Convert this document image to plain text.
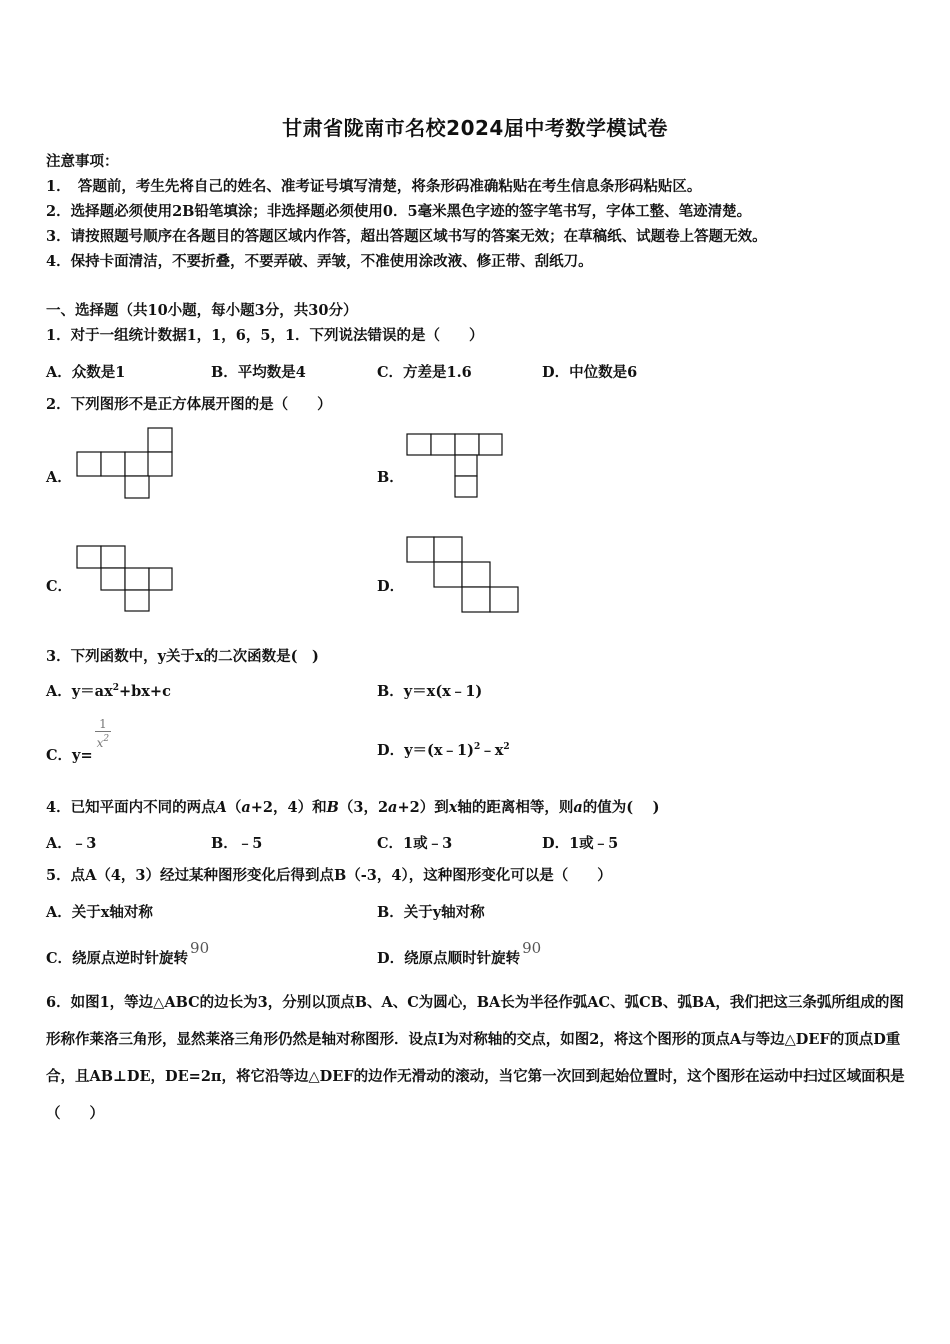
甘肃省陇南市名校2024届中考数学模试卷
注意事项：
1．　答题前，考生先将自己的姓名、准考证号填写清楚，将条形码准确粘贴在考生信息条形码粘贴区。
2．选择题必须使用2B铅笔填涂；非选择题必须使用0．5毫米黑色字迹的签字笔书写，字体工整、笔迹清楚。
3．请按照题号顺序在各题目的答题区域内作答，超出答题区域书写的答案无效；在草稿纸、试题卷上答题无效。
4．保持卡面清洁，不要折叠，不要弄破、弄皱，不准使用涂改液、修正带、刮纸刀。
一、选择题（共10小题，每小题3分，共30分）
1．对于一组统计数据1，1，6，5，1．下列说法错误的是（　　）
A．众数是1	B．平均数是4	C．方差是1.6	D．中位数是6
2．下列图形不是正方体展开图的是（　　）
A．	B．
C．	D．
3．下列函数中，y关于x的二次函数是(　)
A．$y=ax^2+bx+c$	B．y＝x(x﹣1)
C．y=
$\frac{1}{x^2}$
D．$y=(x﹣1)^2﹣x^2$
4．已知平面内不同的两点A（a+2，4）和B（3，2a+2）到x轴的距离相等，则a的值为(　 )
A．﹣3	B．﹣5	C．1或﹣3	D．1或﹣5
5．点A（4，3）经过某种图形变化后得到点B（-3，4），这种图形变化可以是（　　）
A．关于x轴对称	B．关于y轴对称
C．绕原点逆时针旋转90
D．绕原点顺时针旋转90
6．如图1，等边△ABC的边长为3，分别以顶点B、A、C为圆心，BA长为半径作弧AC、弧CB、弧BA，我们把这三条弧所组成的图形称作莱洛三角形，显然莱洛三角形仍然是轴对称图形．设点I为对称轴的交点，如图2，将这个图形的顶点A与等边△DEF的顶点D重合，且AB⊥DE，DE=2π，将它沿等边△DEF的边作无滑动的滚动，当它第一次回到起始位置时，这个图形在运动中扫过区域面积是（　　）
